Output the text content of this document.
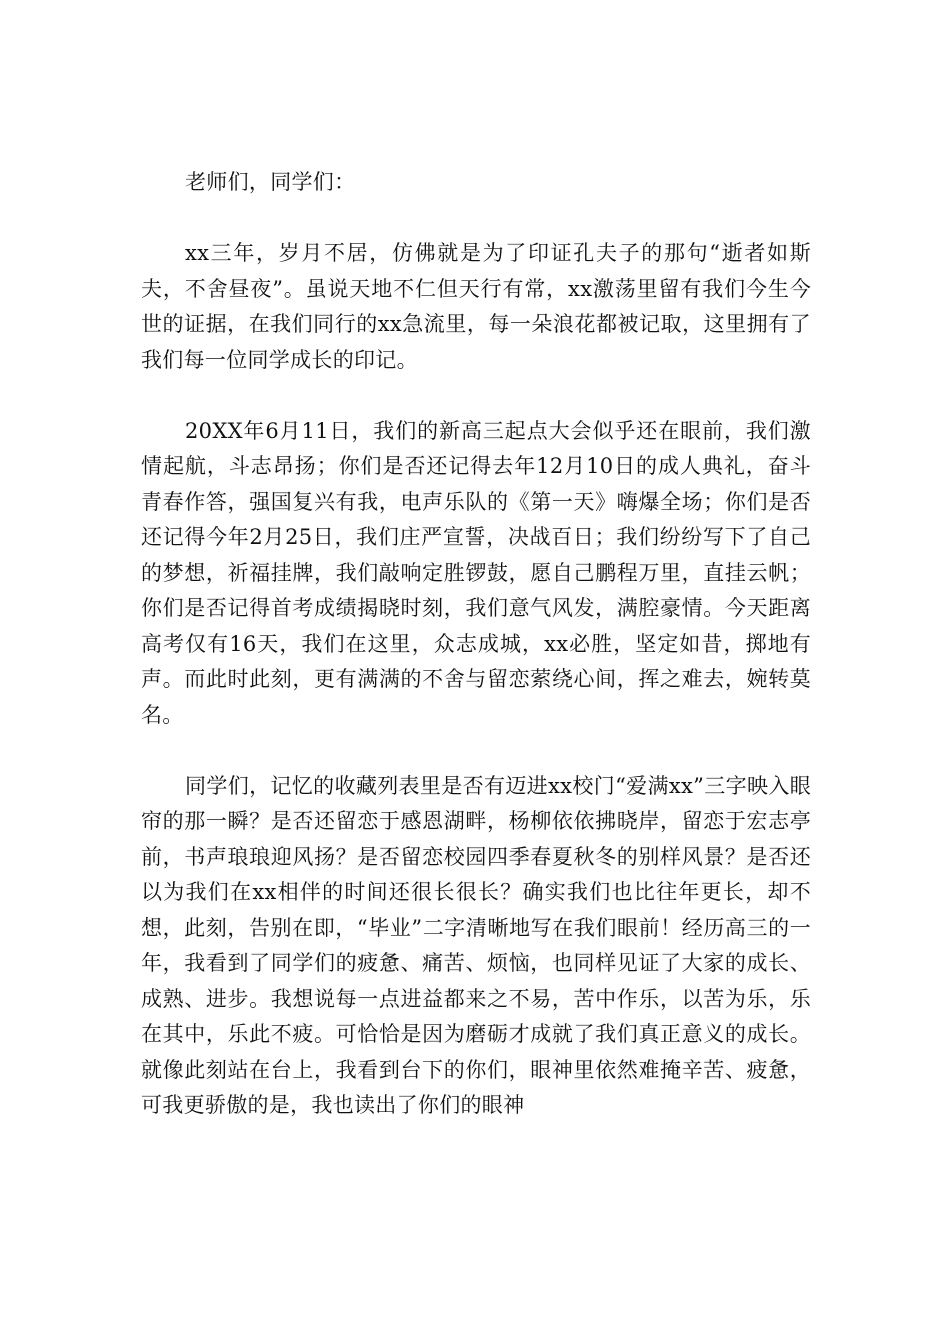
老师们，同学们：

xx三年，岁月不居，仿佛就是为了印证孔夫子的那句“逝者如斯夫，不舍昼夜”。虽说天地不仁但天行有常，xx激荡里留有我们今生今世的证据，在我们同行的xx急流里，每一朵浪花都被记取，这里拥有了我们每一位同学成长的印记。

20XX年6月11日，我们的新高三起点大会似乎还在眼前，我们激情起航，斗志昂扬；你们是否还记得去年12月10日的成人典礼，奋斗青春作答，强国复兴有我，电声乐队的《第一天》嗨爆全场；你们是否还记得今年2月25日，我们庄严宣誓，决战百日；我们纷纷写下了自己的梦想，祈福挂牌，我们敲响定胜锣鼓，愿自己鹏程万里，直挂云帆；你们是否记得首考成绩揭晓时刻，我们意气风发，满腔豪情。今天距离高考仅有16天，我们在这里，众志成城，xx必胜，坚定如昔，掷地有声。而此时此刻，更有满满的不舍与留恋萦绕心间，挥之难去，婉转莫名。

同学们，记忆的收藏列表里是否有迈进xx校门“爱满xx”三字映入眼帘的那一瞬？是否还留恋于感恩湖畔，杨柳依依拂晓岸，留恋于宏志亭前，书声琅琅迎风扬？是否留恋校园四季春夏秋冬的别样风景？是否还以为我们在xx相伴的时间还很长很长？确实我们也比往年更长，却不想，此刻，告别在即，“毕业”二字清晰地写在我们眼前！经历高三的一年，我看到了同学们的疲惫、痛苦、烦恼，也同样见证了大家的成长、成熟、进步。我想说每一点进益都来之不易，苦中作乐，以苦为乐，乐在其中，乐此不疲。可恰恰是因为磨砺才成就了我们真正意义的成长。就像此刻站在台上，我看到台下的你们，眼神里依然难掩辛苦、疲惫，可我更骄傲的是，我也读出了你们的眼神
